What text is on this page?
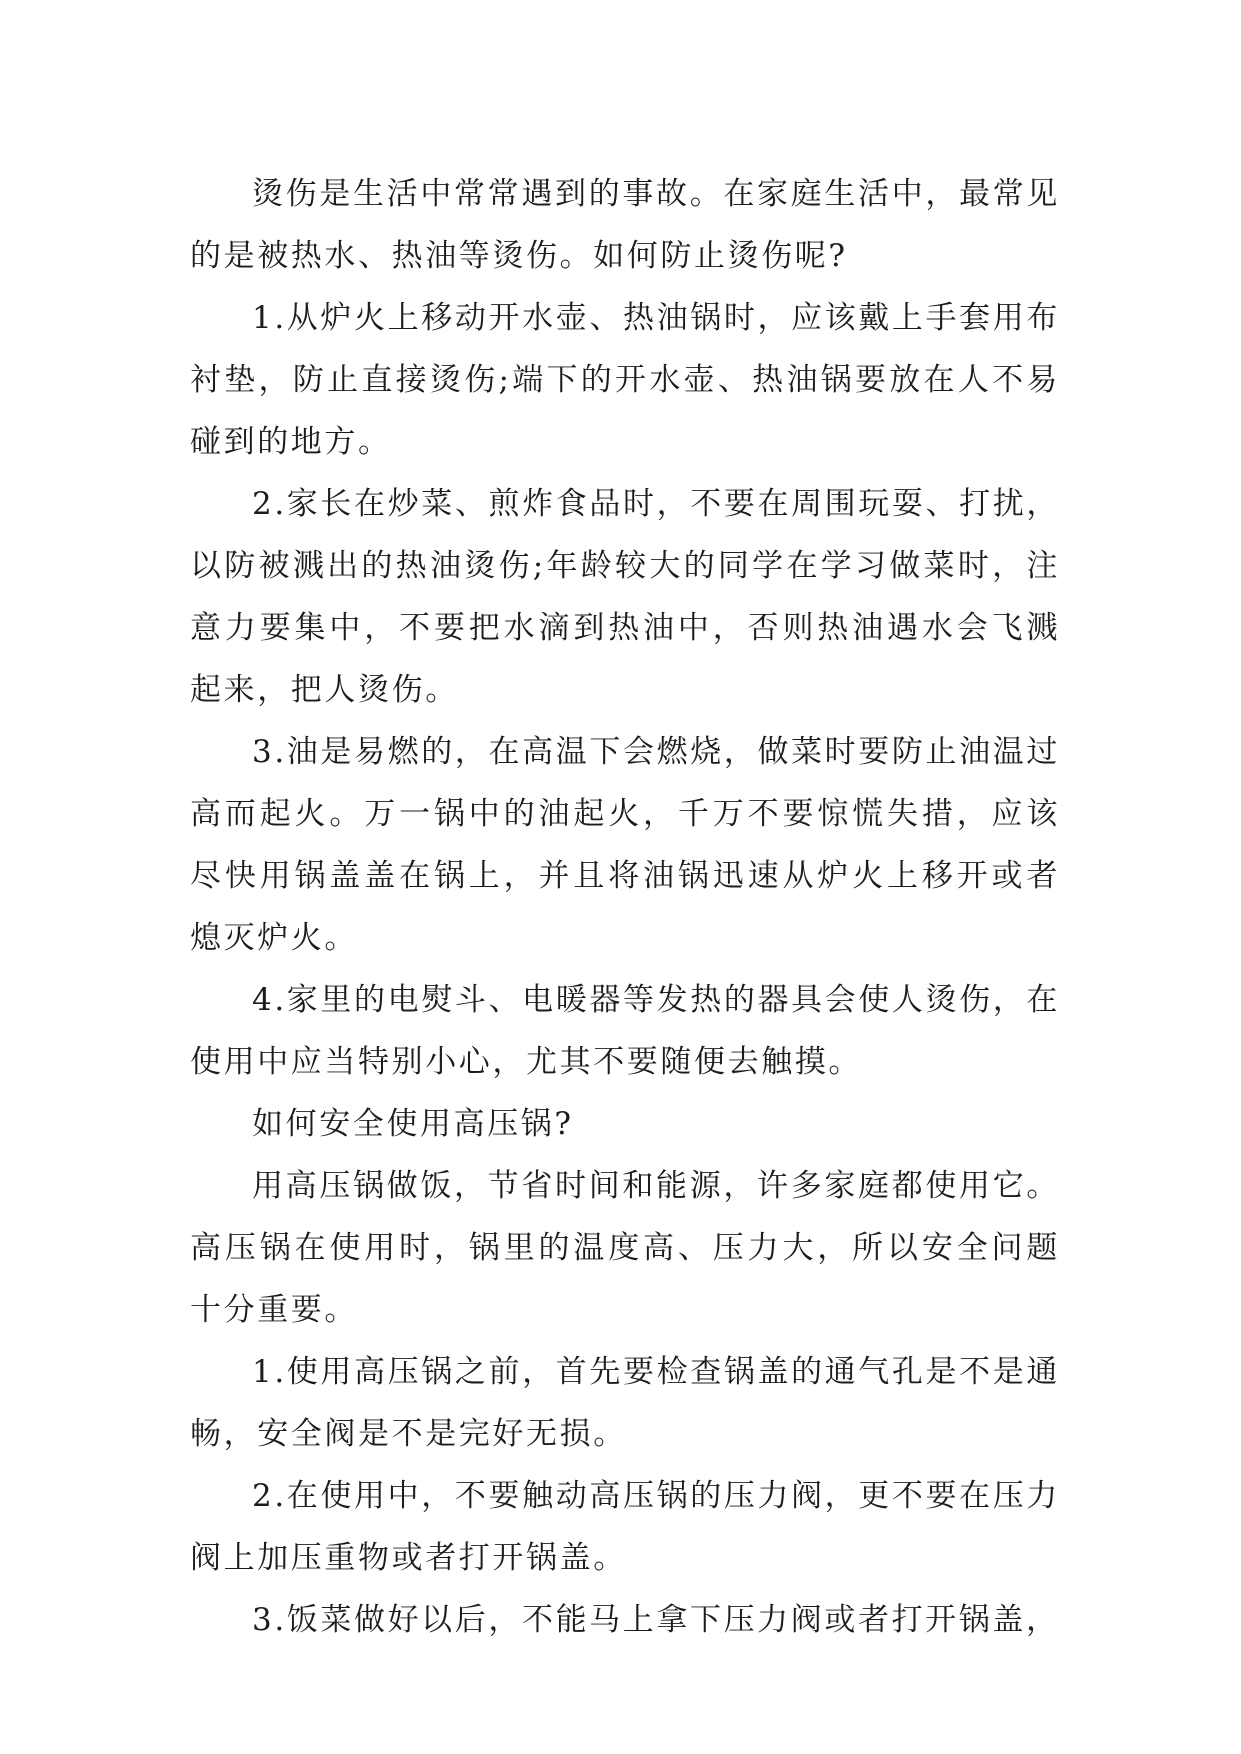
烫伤是生活中常常遇到的事故。在家庭生活中，最常见的是被热水、热油等烫伤。如何防止烫伤呢?

1.从炉火上移动开水壶、热油锅时，应该戴上手套用布衬垫，防止直接烫伤;端下的开水壶、热油锅要放在人不易碰到的地方。

2.家长在炒菜、煎炸食品时，不要在周围玩耍、打扰，以防被溅出的热油烫伤;年龄较大的同学在学习做菜时，注意力要集中，不要把水滴到热油中，否则热油遇水会飞溅起来，把人烫伤。

3.油是易燃的，在高温下会燃烧，做菜时要防止油温过高而起火。万一锅中的油起火，千万不要惊慌失措，应该尽快用锅盖盖在锅上，并且将油锅迅速从炉火上移开或者熄灭炉火。

4.家里的电熨斗、电暖器等发热的器具会使人烫伤，在使用中应当特别小心，尤其不要随便去触摸。

如何安全使用高压锅?

用高压锅做饭，节省时间和能源，许多家庭都使用它。高压锅在使用时，锅里的温度高、压力大，所以安全问题十分重要。

1.使用高压锅之前，首先要检查锅盖的通气孔是不是通畅，安全阀是不是完好无损。

2.在使用中，不要触动高压锅的压力阀，更不要在压力阀上加压重物或者打开锅盖。

3.饭菜做好以后，不能马上拿下压力阀或者打开锅盖，
